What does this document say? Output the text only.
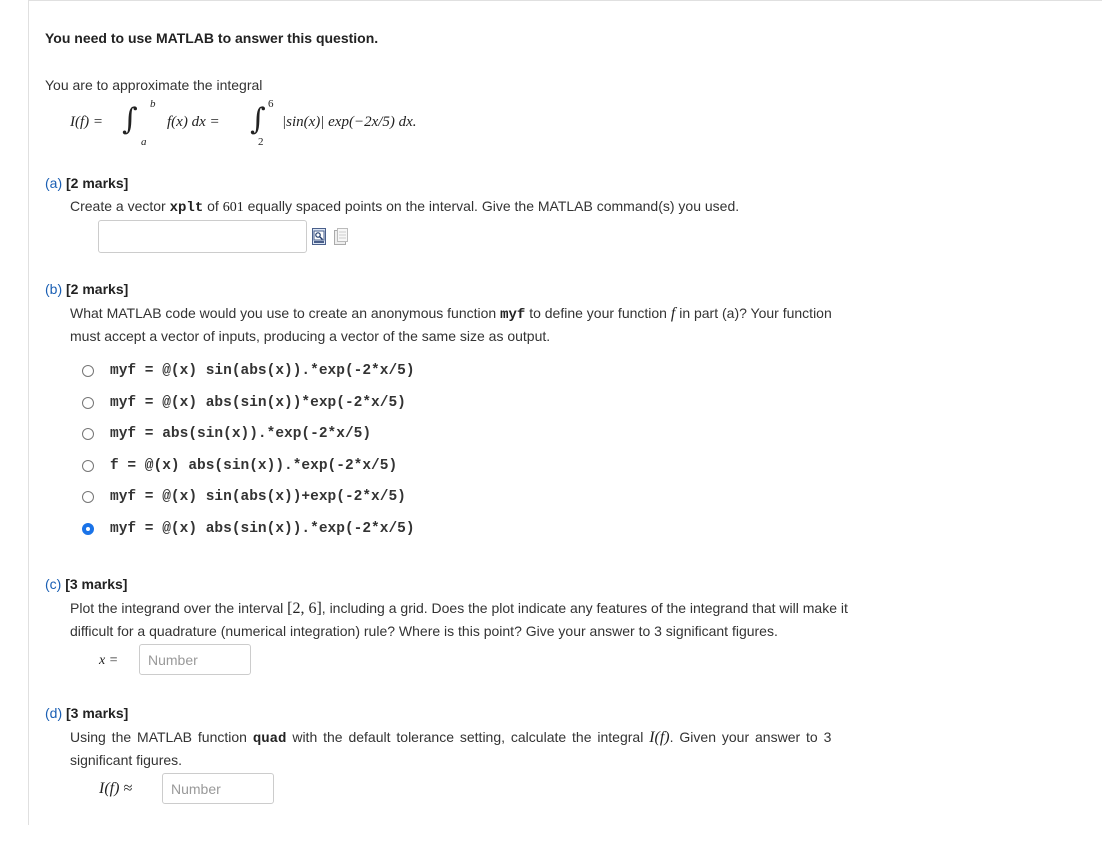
You need to use MATLAB to answer this question.
You are to approximate the integral
I(f) = ∫ b
a
f(x) dx = ∫ 6
2
|sin(x)| exp(−2x/5) dx.
(a) [2 marks]
Create a vector xplt of 601 equally spaced points on the interval. Give the MATLAB command(s) you used.
(b) [2 marks]
What MATLAB code would you use to create an anonymous function myf to define your function f in part (a)? Your function
must accept a vector of inputs, producing a vector of the same size as output.
myf = @(x) sin(abs(x)).*exp(-2*x/5)
myf = @(x) abs(sin(x))*exp(-2*x/5)
myf = abs(sin(x)).*exp(-2*x/5)
f = @(x) abs(sin(x)).*exp(-2*x/5)
myf = @(x) sin(abs(x))+exp(-2*x/5)
myf = @(x) abs(sin(x)).*exp(-2*x/5)
(c) [3 marks]
Plot the integrand over the interval [2, 6], including a grid. Does the plot indicate any features of the integrand that will make it
difficult for a quadrature (numerical integration) rule? Where is this point? Give your answer to 3 significant figures.
x =
Number
(d) [3 marks]
Using the MATLAB function quad with the default tolerance setting, calculate the integral I(f). Given your answer to 3
significant figures.
I(f) ≈
Number
